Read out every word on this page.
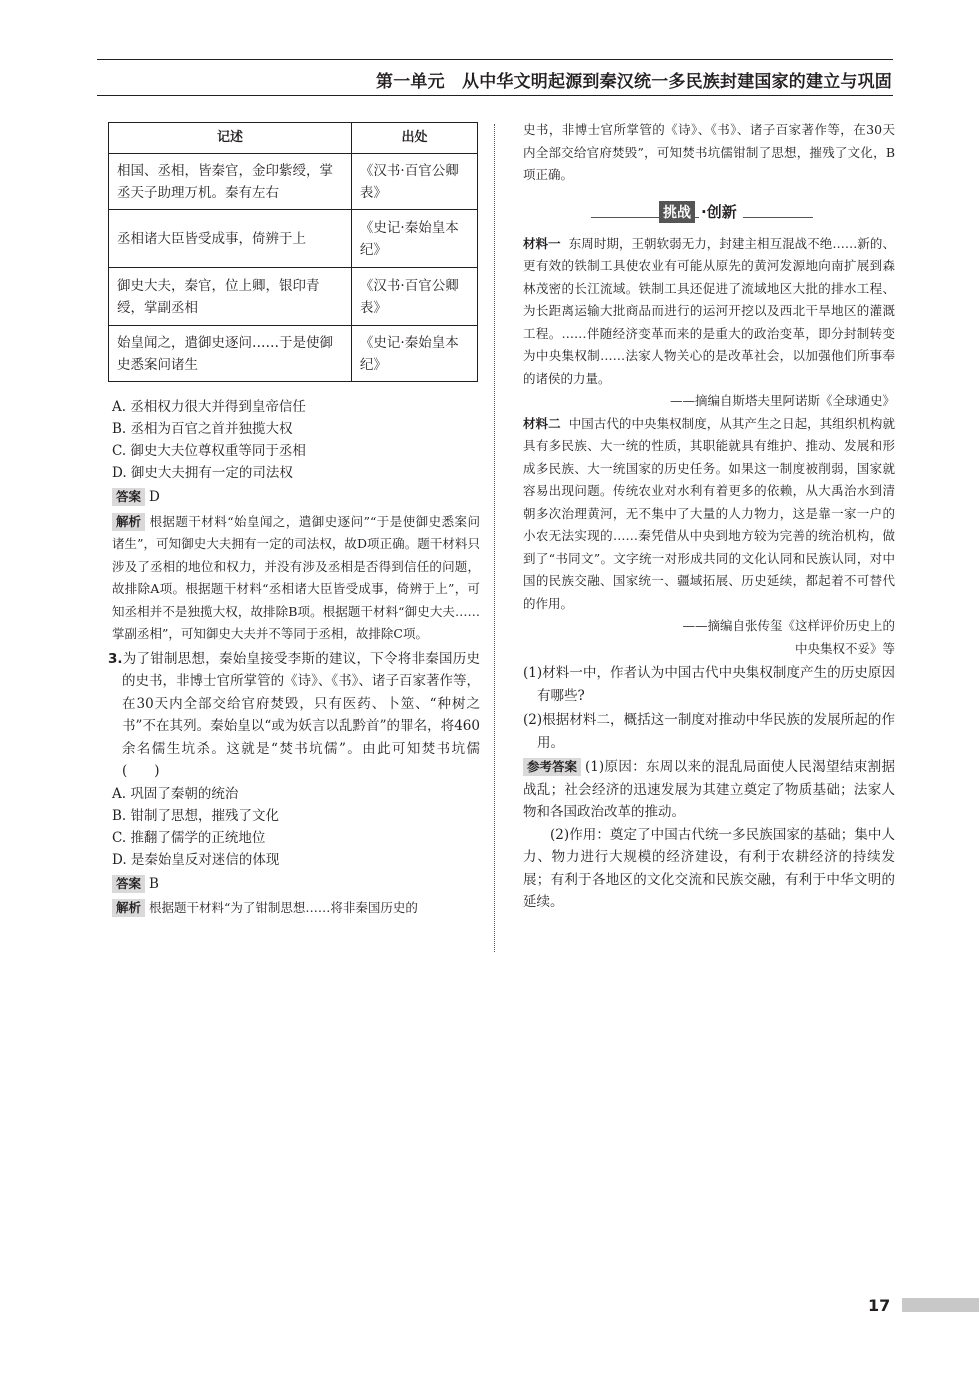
第一单元　从中华文明起源到秦汉统一多民族封建国家的建立与巩固
记述	出处
相国、丞相，皆秦官，金印紫绶，掌丞天子助理万机。秦有左右	《汉书·百官公卿表》
丞相诸大臣皆受成事，倚辨于上	《史记·秦始皇本纪》
御史大夫，秦官，位上卿，银印青绶，掌副丞相	《汉书·百官公卿表》
始皇闻之，遣御史逐问……于是使御史悉案问诸生	《史记·秦始皇本纪》
A. 丞相权力很大并得到皇帝信任
B. 丞相为百官之首并独揽大权
C. 御史大夫位尊权重等同于丞相
D. 御史大夫拥有一定的司法权
答案 D
解析 根据题干材料“始皇闻之，遣御史逐问”“于是使御史悉案问诸生”，可知御史大夫拥有一定的司法权，故D项正确。题干材料只涉及了丞相的地位和权力，并没有涉及丞相是否得到信任的问题，故排除A项。根据题干材料“丞相诸大臣皆受成事，倚辨于上”，可知丞相并不是独揽大权，故排除B项。根据题干材料“御史大夫……掌副丞相”，可知御史大夫并不等同于丞相，故排除C项。
3.为了钳制思想，秦始皇接受李斯的建议，下令将非秦国历史的史书，非博士官所掌管的《诗》、《书》、诸子百家著作等，在30天内全部交给官府焚毁，只有医药、卜筮、“种树之书”不在其列。秦始皇以“或为妖言以乱黔首”的罪名，将460余名儒生坑杀。这就是“焚书坑儒”。由此可知焚书坑儒(　　)
A. 巩固了秦朝的统治
B. 钳制了思想，摧残了文化
C. 推翻了儒学的正统地位
D. 是秦始皇反对迷信的体现
答案 B
解析 根据题干材料“为了钳制思想……将非秦国历史的
史书，非博士官所掌管的《诗》、《书》、诸子百家著作等，在30天内全部交给官府焚毁”，可知焚书坑儒钳制了思想，摧残了文化，B项正确。
挑战 ·创新
材料一 东周时期，王朝软弱无力，封建主相互混战不绝……新的、更有效的铁制工具使农业有可能从原先的黄河发源地向南扩展到森林茂密的长江流域。铁制工具还促进了流域地区大批的排水工程、为长距离运输大批商品而进行的运河开挖以及西北干旱地区的灌溉工程。……伴随经济变革而来的是重大的政治变革，即分封制转变为中央集权制……法家人物关心的是改革社会，以加强他们所事奉的诸侯的力量。
——摘编自斯塔夫里阿诺斯《全球通史》
材料二 中国古代的中央集权制度，从其产生之日起，其组织机构就具有多民族、大一统的性质，其职能就具有维护、推动、发展和形成多民族、大一统国家的历史任务。如果这一制度被削弱，国家就容易出现问题。传统农业对水利有着更多的依赖，从大禹治水到清朝多次治理黄河，无不集中了大量的人力物力，这是靠一家一户的小农无法实现的……秦凭借从中央到地方较为完善的统治机构，做到了“书同文”。文字统一对形成共同的文化认同和民族认同，对中国的民族交融、国家统一、疆域拓展、历史延续，都起着不可替代的作用。
——摘编自张传玺《这样评价历史上的
中央集权不妥》等
(1)材料一中，作者认为中国古代中央集权制度产生的历史原因有哪些?
(2)根据材料二，概括这一制度对推动中华民族的发展所起的作用。
参考答案 (1)原因：东周以来的混乱局面使人民渴望结束割据战乱；社会经济的迅速发展为其建立奠定了物质基础；法家人物和各国政治改革的推动。
(2)作用：奠定了中国古代统一多民族国家的基础；集中人力、物力进行大规模的经济建设，有利于农耕经济的持续发展；有利于各地区的文化交流和民族交融，有利于中华文明的延续。
17
